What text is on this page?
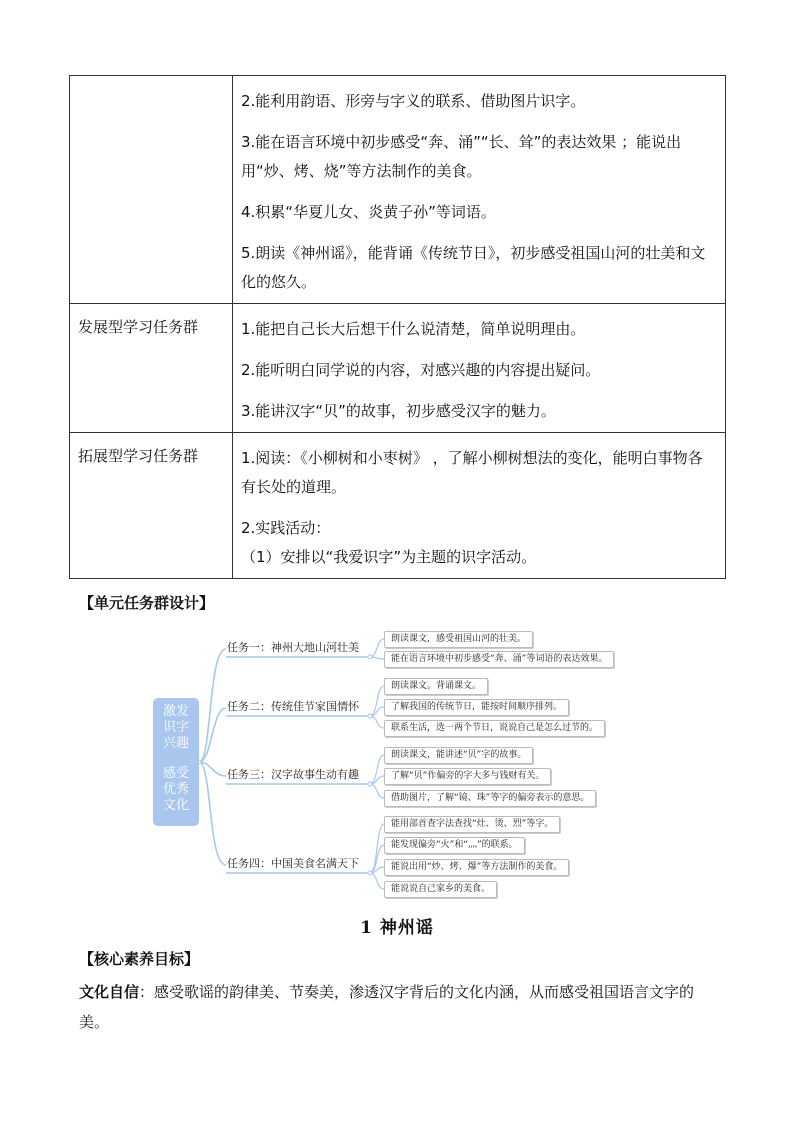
	2.能利用韵语、形旁与字义的联系、借助图片识字。

3.能在语言环境中初步感受“奔、涌”“长、耸”的表达效果 ；能说出用“炒、烤、烧”等方法制作的美食。

4.积累“华夏儿女、炎黄子孙”等词语。

5.朗读《神州谣》，能背诵《传统节日》，初步感受祖国山河的壮美和文化的悠久。

发展型学习任务群	1.能把自己长大后想干什么说清楚，简单说明理由。

2.能听明白同学说的内容，对感兴趣的内容提出疑问。

3.能讲汉字“贝”的故事，初步感受汉字的魅力。

拓展型学习任务群	1.阅读：《小柳树和小枣树》 ，了解小柳树想法的变化，能明白事物各有长处的道理。

2.实践活动：

（1）安排以“我爱识字”为主题的识字活动。

【单元任务群设计】
激发
识字
兴趣
感受
优秀
文化
任务一：神州大地山河壮美
任务二：传统佳节家国情怀
任务三：汉字故事生动有趣
任务四：中国美食名满天下
朗读课文，感受祖国山河的壮美。
能在语言环境中初步感受“奔、涌”等词语的表达效果。
朗读课文。背诵课文。
了解我国的传统节日，能按时间顺序排列。
联系生活，选一两个节日，说说自己是怎么过节的。
朗读课文，能讲述“贝”字的故事。
了解“贝”作偏旁的字大多与钱财有关。
借助图片，了解“镜、珠”等字的偏旁表示的意思。
能用部首查字法查找“灶、烫、烈”等字。
能发现偏旁“火”和“灬”的联系。
能说出用“炒、烤、爆”等方法制作的美食。
能说说自己家乡的美食。
1 神州谣
【核心素养目标】
文化自信：感受歌谣的韵律美、节奏美，渗透汉字背后的文化内涵，从而感受祖国语言文字的美。
